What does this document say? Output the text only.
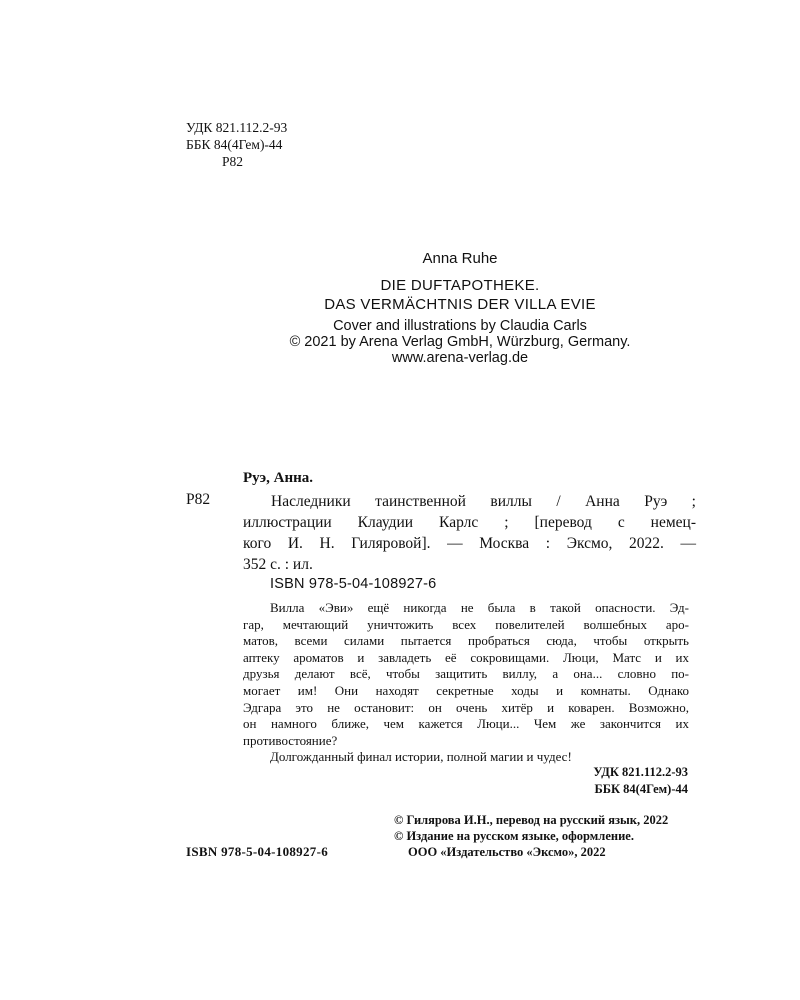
УДК 821.112.2-93
ББК 84(4Гем)-44
Р82
Anna Ruhe
DIE DUFTAPOTHEKE.
DAS VERMÄCHTNIS DER VILLA EVIE
Cover and illustrations by Claudia Carls
© 2021 by Arena Verlag GmbH, Würzburg, Germany.
www.arena-verlag.de
Руэ, Анна.
Р82	Наследники таинственной виллы / Анна Руэ ;
иллюстрации Клаудии Карлс ; [перевод с немец-
кого И. Н. Гиляровой]. — Москва : Эксмо, 2022. —
352 с. : ил.
ISBN 978-5-04-108927-6
Вилла «Эви» ещё никогда не была в такой опасности. Эд-
гар, мечтающий уничтожить всех повелителей волшебных аро-
матов, всеми силами пытается пробраться сюда, чтобы открыть
аптеку ароматов и завладеть её сокровищами. Люци, Матс и их
друзья делают всё, чтобы защитить виллу, а она... словно по-
могает им! Они находят секретные ходы и комнаты. Однако
Эдгара это не остановит: он очень хитёр и коварен. Возможно,
он намного ближе, чем кажется Люци... Чем же закончится их
противостояние?
Долгожданный финал истории, полной магии и чудес!
УДК 821.112.2-93
ББК 84(4Гем)-44
© Гилярова И.Н., перевод на русский язык, 2022
© Издание на русском языке, оформление.
ООО «Издательство «Эксмо», 2022
ISBN 978-5-04-108927-6
